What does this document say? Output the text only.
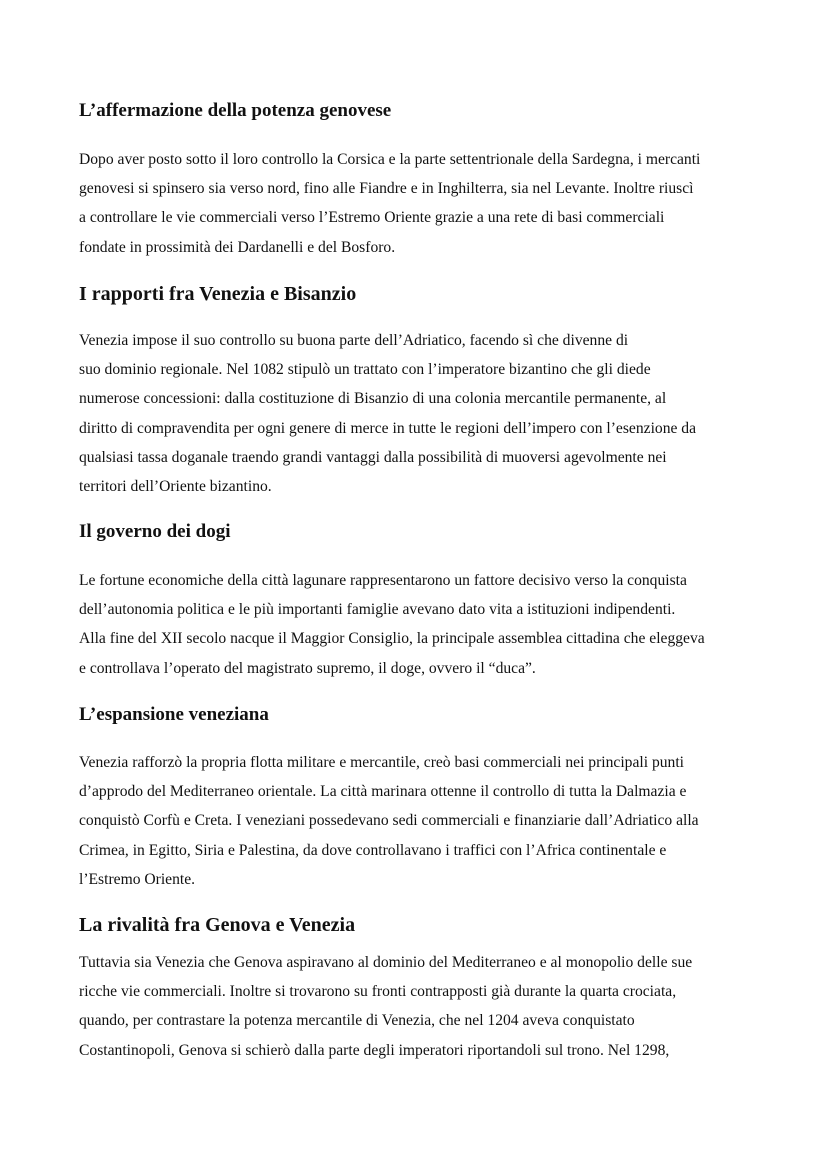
L’affermazione della potenza genovese
Dopo aver posto sotto il loro controllo la Corsica e la parte settentrionale della Sardegna, i mercanti
genovesi si spinsero sia verso nord, fino alle Fiandre e in Inghilterra, sia nel Levante. Inoltre riuscì
a controllare le vie commerciali verso l’Estremo Oriente grazie a una rete di basi commerciali
fondate in prossimità dei Dardanelli e del Bosforo.
I rapporti fra Venezia e Bisanzio
Venezia impose il suo controllo su buona parte dell’Adriatico, facendo sì che divenne di
suo dominio regionale. Nel 1082 stipulò un trattato con l’imperatore bizantino che gli diede
numerose concessioni: dalla costituzione di Bisanzio di una colonia mercantile permanente, al
diritto di compravendita per ogni genere di merce in tutte le regioni dell’impero con l’esenzione da
qualsiasi tassa doganale traendo grandi vantaggi dalla possibilità di muoversi agevolmente nei
territori dell’Oriente bizantino.
Il governo dei dogi
Le fortune economiche della città lagunare rappresentarono un fattore decisivo verso la conquista
dell’autonomia politica e le più importanti famiglie avevano dato vita a istituzioni indipendenti.
Alla fine del XII secolo nacque il Maggior Consiglio, la principale assemblea cittadina che eleggeva
e controllava l’operato del magistrato supremo, il doge, ovvero il “duca”.
L’espansione veneziana
Venezia rafforzò la propria flotta militare e mercantile, creò basi commerciali nei principali punti
d’approdo del Mediterraneo orientale. La città marinara ottenne il controllo di tutta la Dalmazia e
conquistò Corfù e Creta. I veneziani possedevano sedi commerciali e finanziarie dall’Adriatico alla
Crimea, in Egitto, Siria e Palestina, da dove controllavano i traffici con l’Africa continentale e
l’Estremo Oriente.
La rivalità fra Genova e Venezia
Tuttavia sia Venezia che Genova aspiravano al dominio del Mediterraneo e al monopolio delle sue
ricche vie commerciali. Inoltre si trovarono su fronti contrapposti già durante la quarta crociata,
quando, per contrastare la potenza mercantile di Venezia, che nel 1204 aveva conquistato
Costantinopoli, Genova si schierò dalla parte degli imperatori riportandoli sul trono. Nel 1298,
